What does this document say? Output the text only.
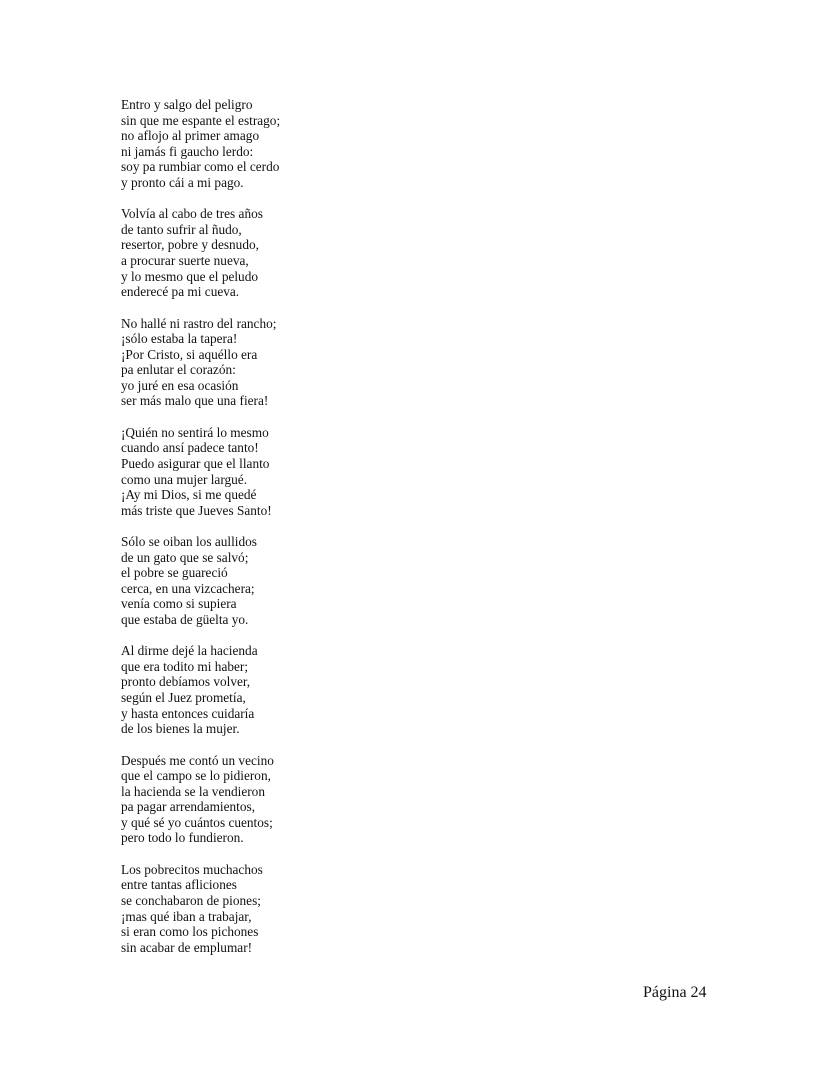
Entro y salgo del peligro
sin que me espante el estrago;
no aflojo al primer amago
ni jamás fi gaucho lerdo:
soy pa rumbiar como el cerdo
y pronto cái a mi pago.
Volvía al cabo de tres años
de tanto sufrir al ñudo,
resertor, pobre y desnudo,
a procurar suerte nueva,
y lo mesmo que el peludo
enderecé pa mi cueva.
No hallé ni rastro del rancho;
¡sólo estaba la tapera!
¡Por Cristo, si aquéllo era
pa enlutar el corazón:
yo juré en esa ocasión
ser más malo que una fiera!
¡Quién no sentirá lo mesmo
cuando ansí padece tanto!
Puedo asigurar que el llanto
como una mujer largué.
¡Ay mi Dios, si me quedé
más triste que Jueves Santo!
Sólo se oiban los aullidos
de un gato que se salvó;
el pobre se guareció
cerca, en una vizcachera;
venía como si supiera
que estaba de güelta yo.
Al dirme dejé la hacienda
que era todito mi haber;
pronto debíamos volver,
según el Juez prometía,
y hasta entonces cuidaría
de los bienes la mujer.
Después me contó un vecino
que el campo se lo pidieron,
la hacienda se la vendieron
pa pagar arrendamientos,
y qué sé yo cuántos cuentos;
pero todo lo fundieron.
Los pobrecitos muchachos
entre tantas afliciones
se conchabaron de piones;
¡mas qué iban a trabajar,
si eran como los pichones
sin acabar de emplumar!
Página 24
